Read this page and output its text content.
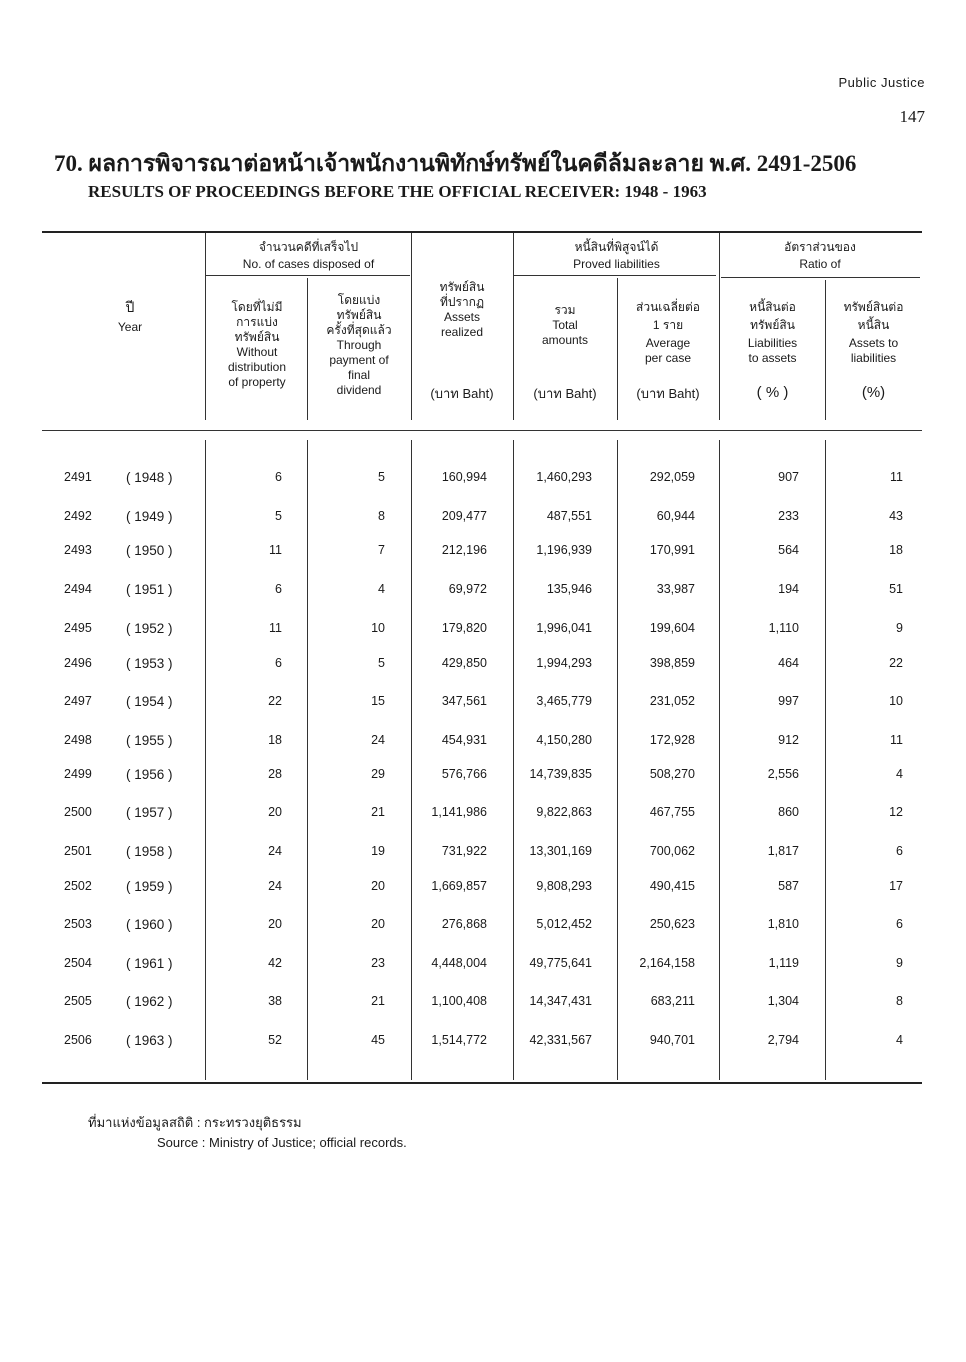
Public Justice
147
70. ผลการพิจารณาต่อหน้าเจ้าพนักงานพิทักษ์ทรัพย์ในคดีล้มละลาย พ.ศ. 2491-2506
RESULTS OF PROCEEDINGS BEFORE THE OFFICIAL RECEIVER: 1948 - 1963
ปี
Year
จำนวนคดีที่เสร็จไป
No. of cases disposed of
โดยที่ไม่มี
การแบ่ง
ทรัพย์สิน
Without
distribution
of property
โดยแบ่ง
ทรัพย์สิน
ครั้งที่สุดแล้ว
Through
payment of
final
dividend
ทรัพย์สิน
ที่ปรากฏ
Assets
realized
(บาท Baht)
หนี้สินที่พิสูจน์ได้
Proved liabilities
รวม
Total
amounts
(บาท Baht)
ส่วนเฉลี่ยต่อ
1 ราย
Average
per case
(บาท Baht)
อัตราส่วนของ
Ratio of
หนี้สินต่อ
ทรัพย์สิน
Liabilities
to assets
( % )
ทรัพย์สินต่อ
หนี้สิน
Assets to
liabilities
(%)
2491	( 1948 )	6	5	160,994	1,460,293	292,059	907	11
2492	( 1949 )	5	8	209,477	487,551	60,944	233	43
2493	( 1950 )	11	7	212,196	1,196,939	170,991	564	18
2494	( 1951 )	6	4	69,972	135,946	33,987	194	51
2495	( 1952 )	11	10	179,820	1,996,041	199,604	1,110	9
2496	( 1953 )	6	5	429,850	1,994,293	398,859	464	22
2497	( 1954 )	22	15	347,561	3,465,779	231,052	997	10
2498	( 1955 )	18	24	454,931	4,150,280	172,928	912	11
2499	( 1956 )	28	29	576,766	14,739,835	508,270	2,556	4
2500	( 1957 )	20	21	1,141,986	9,822,863	467,755	860	12
2501	( 1958 )	24	19	731,922	13,301,169	700,062	1,817	6
2502	( 1959 )	24	20	1,669,857	9,808,293	490,415	587	17
2503	( 1960 )	20	20	276,868	5,012,452	250,623	1,810	6
2504	( 1961 )	42	23	4,448,004	49,775,641	2,164,158	1,119	9
2505	( 1962 )	38	21	1,100,408	14,347,431	683,211	1,304	8
2506	( 1963 )	52	45	1,514,772	42,331,567	940,701	2,794	4
ที่มาแห่งข้อมูลสถิติ : กระทรวงยุติธรรม
Source : Ministry of Justice; official records.
